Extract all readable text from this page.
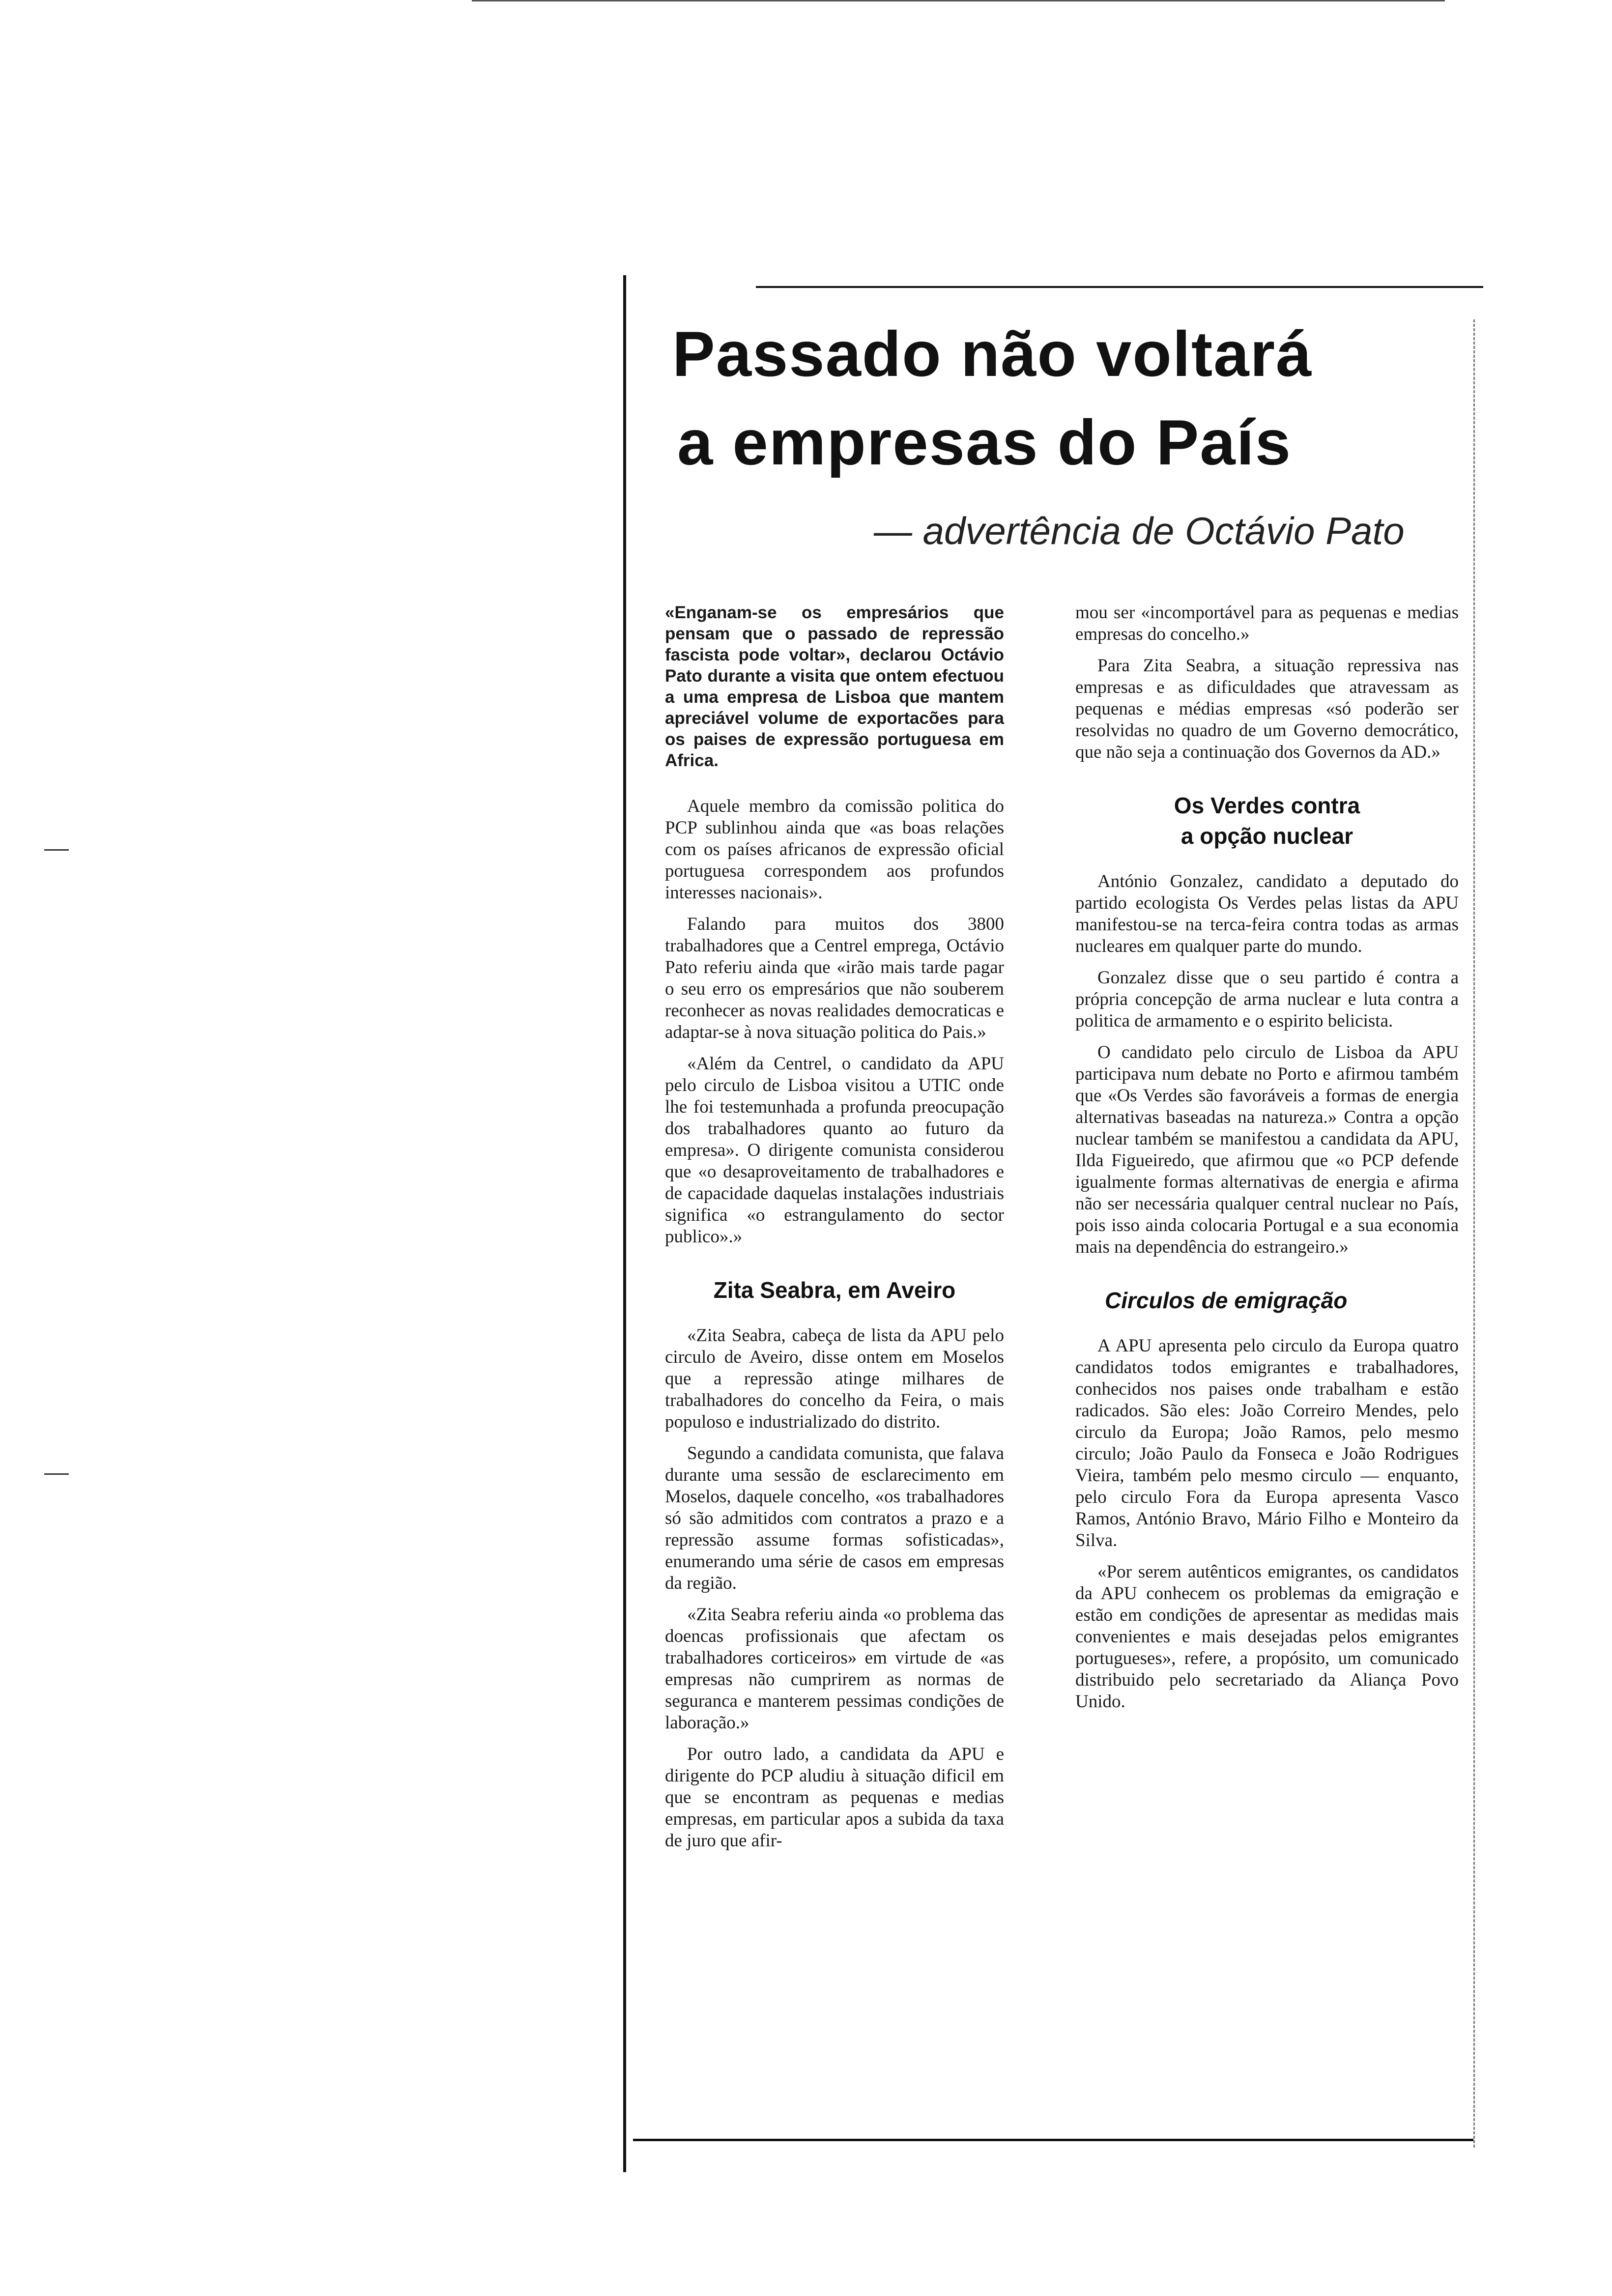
Passado não voltará
a empresas do País
— advertência de Octávio Pato

«Enganam-se os empresários que pensam que o passado de repressão fascista pode voltar», declarou Octávio Pato durante a visita que ontem efectuou a uma empresa de Lisboa que mantem apreciável volume de exportacões para os paises de expressão portuguesa em Africa.

Aquele membro da comissão politica do PCP sublinhou ainda que «as boas relações com os países africanos de expressão oficial portuguesa correspondem aos profundos interesses nacionais».

Falando para muitos dos 3800 trabalhadores que a Centrel emprega, Octávio Pato referiu ainda que «irão mais tarde pagar o seu erro os empresários que não souberem reconhecer as novas realidades democraticas e adaptar-se à nova situação politica do Pais.»

«Além da Centrel, o candidato da APU pelo circulo de Lisboa visitou a UTIC onde lhe foi testemunhada a profunda preocupação dos trabalhadores quanto ao futuro da empresa». O dirigente comunista considerou que «o desaproveitamento de trabalhadores e de capacidade daquelas instalações industriais significa «o estrangulamento do sector publico».»

Zita Seabra, em Aveiro

«Zita Seabra, cabeça de lista da APU pelo circulo de Aveiro, disse ontem em Moselos que a repressão atinge milhares de trabalhadores do concelho da Feira, o mais populoso e industrializado do distrito.

Segundo a candidata comunista, que falava durante uma sessão de esclarecimento em Moselos, daquele concelho, «os trabalhadores só são admitidos com contratos a prazo e a repressão assume formas sofisticadas», enumerando uma série de casos em empresas da região.

«Zita Seabra referiu ainda «o problema das doencas profissionais que afectam os trabalhadores corticeiros» em virtude de «as empresas não cumprirem as normas de seguranca e manterem pessimas condições de laboração.»

Por outro lado, a candidata da APU e dirigente do PCP aludiu à situação dificil em que se encontram as pequenas e medias empresas, em particular apos a subida da taxa de juro que afir-

mou ser «incomportável para as pequenas e medias empresas do concelho.»

Para Zita Seabra, a situação repressiva nas empresas e as dificuldades que atravessam as pequenas e médias empresas «só poderão ser resolvidas no quadro de um Governo democrático, que não seja a continuação dos Governos da AD.»

Os Verdes contra
a opção nuclear

António Gonzalez, candidato a deputado do partido ecologista Os Verdes pelas listas da APU manifestou-se na terca-feira contra todas as armas nucleares em qualquer parte do mundo.

Gonzalez disse que o seu partido é contra a própria concepção de arma nuclear e luta contra a politica de armamento e o espirito belicista.

O candidato pelo circulo de Lisboa da APU participava num debate no Porto e afirmou também que «Os Verdes são favoráveis a formas de energia alternativas baseadas na natureza.» Contra a opção nuclear também se manifestou a candidata da APU, Ilda Figueiredo, que afirmou que «o PCP defende igualmente formas alternativas de energia e afirma não ser necessária qualquer central nuclear no País, pois isso ainda colocaria Portugal e a sua economia mais na dependência do estrangeiro.»

Circulos de emigração

A APU apresenta pelo circulo da Europa quatro candidatos todos emigrantes e trabalhadores, conhecidos nos paises onde trabalham e estão radicados. São eles: João Correiro Mendes, pelo circulo da Europa; João Ramos, pelo mesmo circulo; João Paulo da Fonseca e João Rodrigues Vieira, também pelo mesmo circulo — enquanto, pelo circulo Fora da Europa apresenta Vasco Ramos, António Bravo, Mário Filho e Monteiro da Silva.

«Por serem autênticos emigrantes, os candidatos da APU conhecem os problemas da emigração e estão em condições de apresentar as medidas mais convenientes e mais desejadas pelos emigrantes portugueses», refere, a propósito, um comunicado distribuido pelo secretariado da Aliança Povo Unido.
